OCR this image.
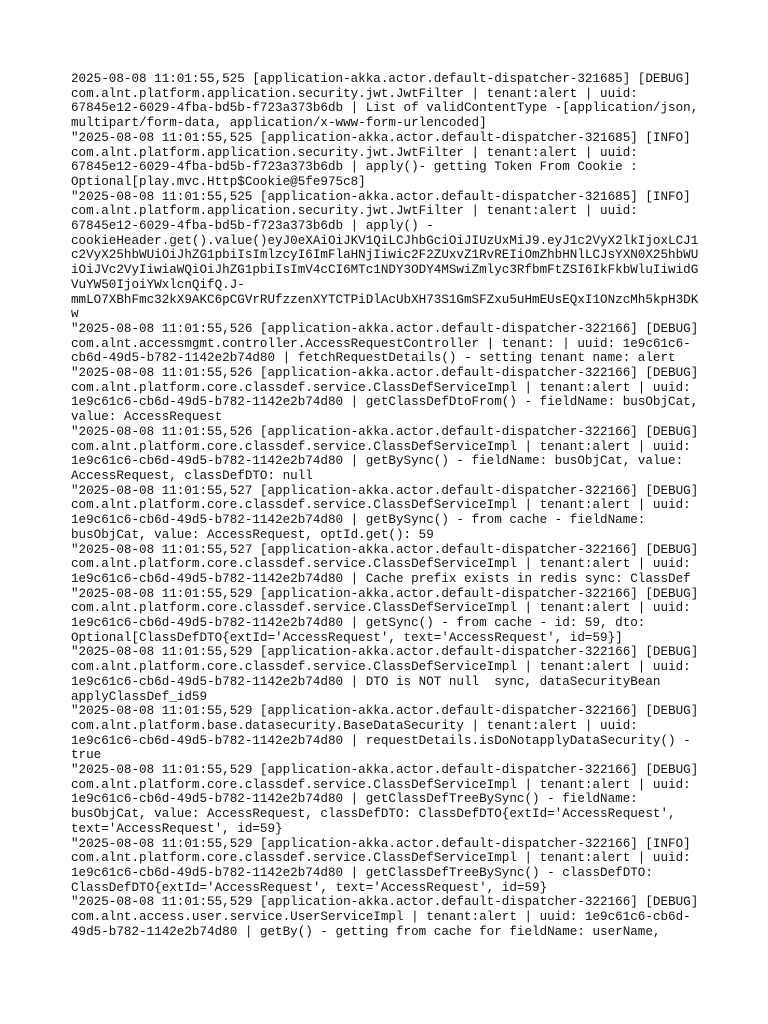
2025-08-08 11:01:55,525 [application-akka.actor.default-dispatcher-321685] [DEBUG]
com.alnt.platform.application.security.jwt.JwtFilter | tenant:alert | uuid:
67845e12-6029-4fba-bd5b-f723a373b6db | List of validContentType -[application/json,
multipart/form-data, application/x-www-form-urlencoded]
"2025-08-08 11:01:55,525 [application-akka.actor.default-dispatcher-321685] [INFO]
com.alnt.platform.application.security.jwt.JwtFilter | tenant:alert | uuid:
67845e12-6029-4fba-bd5b-f723a373b6db | apply()- getting Token From Cookie :
Optional[play.mvc.Http$Cookie@5fe975c8]
"2025-08-08 11:01:55,525 [application-akka.actor.default-dispatcher-321685] [INFO]
com.alnt.platform.application.security.jwt.JwtFilter | tenant:alert | uuid:
67845e12-6029-4fba-bd5b-f723a373b6db | apply() -
cookieHeader.get().value()eyJ0eXAiOiJKV1QiLCJhbGciOiJIUzUxMiJ9.eyJ1c2VyX2lkIjoxLCJ1
c2VyX25hbWUiOiJhZG1pbiIsImlzcyI6ImFlaHNjIiwic2F2ZUxvZ1RvREIiOmZhbHNlLCJsYXN0X25hbWU
iOiJVc2VyIiwiaWQiOiJhZG1pbiIsImV4cCI6MTc1NDY3ODY4MSwiZmlyc3RfbmFtZSI6IkFkbWluIiwidG
VuYW50IjoiYWxlcnQifQ.J-
mmLO7XBhFmc32kX9AKC6pCGVrRUfzzenXYTCTPiDlAcUbXH73S1GmSFZxu5uHmEUsEQxI1ONzcMh5kpH3DK
w
"2025-08-08 11:01:55,526 [application-akka.actor.default-dispatcher-322166] [DEBUG]
com.alnt.accessmgmt.controller.AccessRequestController | tenant: | uuid: 1e9c61c6-
cb6d-49d5-b782-1142e2b74d80 | fetchRequestDetails() - setting tenant name: alert
"2025-08-08 11:01:55,526 [application-akka.actor.default-dispatcher-322166] [DEBUG]
com.alnt.platform.core.classdef.service.ClassDefServiceImpl | tenant:alert | uuid:
1e9c61c6-cb6d-49d5-b782-1142e2b74d80 | getClassDefDtoFrom() - fieldName: busObjCat,
value: AccessRequest
"2025-08-08 11:01:55,526 [application-akka.actor.default-dispatcher-322166] [DEBUG]
com.alnt.platform.core.classdef.service.ClassDefServiceImpl | tenant:alert | uuid:
1e9c61c6-cb6d-49d5-b782-1142e2b74d80 | getBySync() - fieldName: busObjCat, value:
AccessRequest, classDefDTO: null
"2025-08-08 11:01:55,527 [application-akka.actor.default-dispatcher-322166] [DEBUG]
com.alnt.platform.core.classdef.service.ClassDefServiceImpl | tenant:alert | uuid:
1e9c61c6-cb6d-49d5-b782-1142e2b74d80 | getBySync() - from cache - fieldName:
busObjCat, value: AccessRequest, optId.get(): 59
"2025-08-08 11:01:55,527 [application-akka.actor.default-dispatcher-322166] [DEBUG]
com.alnt.platform.core.classdef.service.ClassDefServiceImpl | tenant:alert | uuid:
1e9c61c6-cb6d-49d5-b782-1142e2b74d80 | Cache prefix exists in redis sync: ClassDef
"2025-08-08 11:01:55,529 [application-akka.actor.default-dispatcher-322166] [DEBUG]
com.alnt.platform.core.classdef.service.ClassDefServiceImpl | tenant:alert | uuid:
1e9c61c6-cb6d-49d5-b782-1142e2b74d80 | getSync() - from cache - id: 59, dto:
Optional[ClassDefDTO{extId='AccessRequest', text='AccessRequest', id=59}]
"2025-08-08 11:01:55,529 [application-akka.actor.default-dispatcher-322166] [DEBUG]
com.alnt.platform.core.classdef.service.ClassDefServiceImpl | tenant:alert | uuid:
1e9c61c6-cb6d-49d5-b782-1142e2b74d80 | DTO is NOT null  sync, dataSecurityBean
applyClassDef_id59
"2025-08-08 11:01:55,529 [application-akka.actor.default-dispatcher-322166] [DEBUG]
com.alnt.platform.base.datasecurity.BaseDataSecurity | tenant:alert | uuid:
1e9c61c6-cb6d-49d5-b782-1142e2b74d80 | requestDetails.isDoNotapplyDataSecurity() -
true
"2025-08-08 11:01:55,529 [application-akka.actor.default-dispatcher-322166] [DEBUG]
com.alnt.platform.core.classdef.service.ClassDefServiceImpl | tenant:alert | uuid:
1e9c61c6-cb6d-49d5-b782-1142e2b74d80 | getClassDefTreeBySync() - fieldName:
busObjCat, value: AccessRequest, classDefDTO: ClassDefDTO{extId='AccessRequest',
text='AccessRequest', id=59}
"2025-08-08 11:01:55,529 [application-akka.actor.default-dispatcher-322166] [INFO]
com.alnt.platform.core.classdef.service.ClassDefServiceImpl | tenant:alert | uuid:
1e9c61c6-cb6d-49d5-b782-1142e2b74d80 | getClassDefTreeBySync() - classDefDTO:
ClassDefDTO{extId='AccessRequest', text='AccessRequest', id=59}
"2025-08-08 11:01:55,529 [application-akka.actor.default-dispatcher-322166] [DEBUG]
com.alnt.access.user.service.UserServiceImpl | tenant:alert | uuid: 1e9c61c6-cb6d-
49d5-b782-1142e2b74d80 | getBy() - getting from cache for fieldName: userName,
